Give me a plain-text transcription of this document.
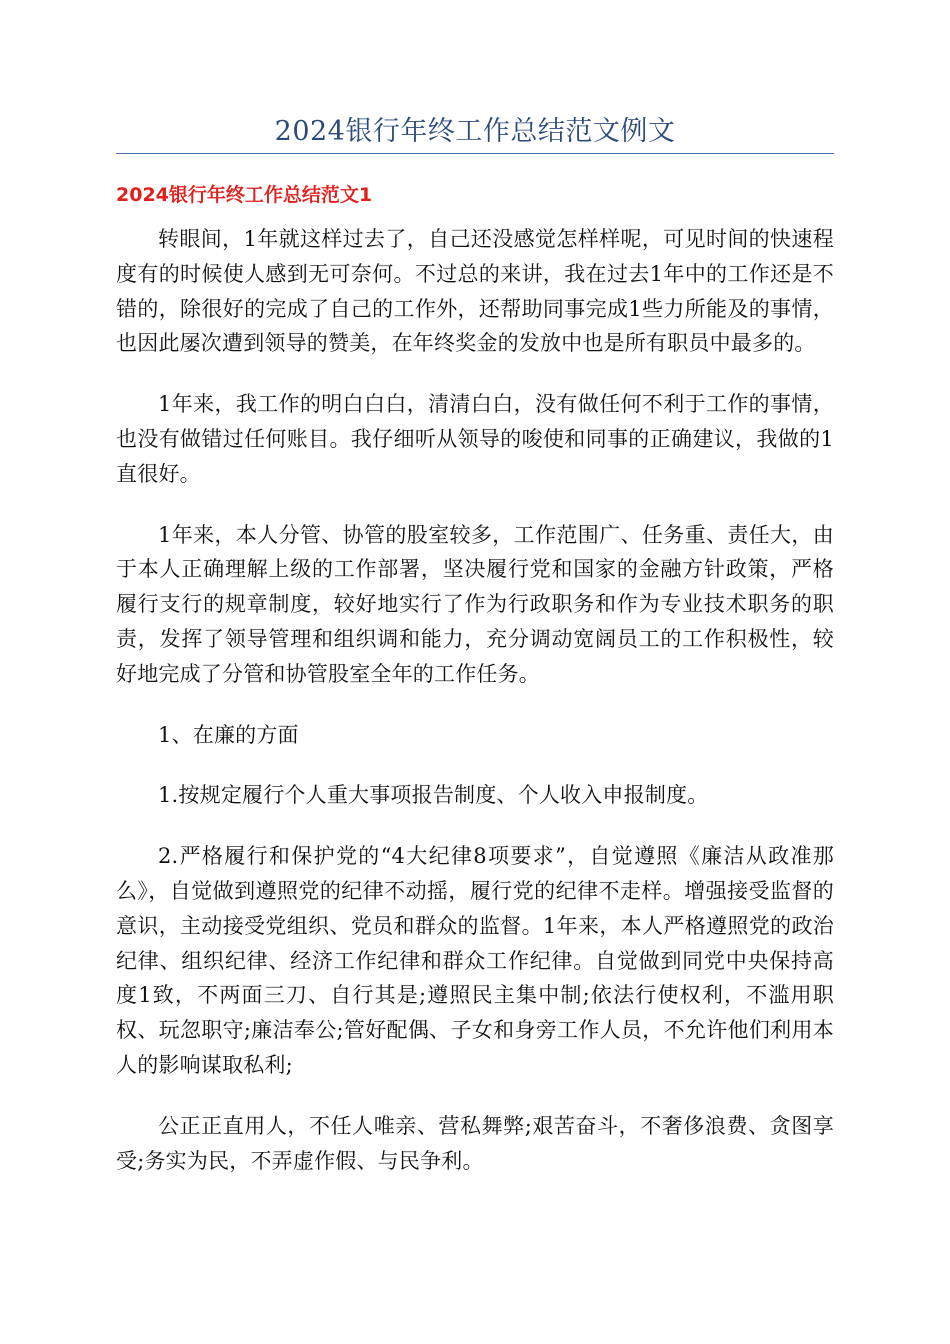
2024银行年终工作总结范文例文
2024银行年终工作总结范文1

转眼间，1年就这样过去了，自己还没感觉怎样样呢，可见时间的快速程度有的时候使人感到无可奈何。不过总的来讲，我在过去1年中的工作还是不错的，除很好的完成了自己的工作外，还帮助同事完成1些力所能及的事情，也因此屡次遭到领导的赞美，在年终奖金的发放中也是所有职员中最多的。

1年来，我工作的明白白白，清清白白，没有做任何不利于工作的事情，也没有做错过任何账目。我仔细听从领导的唆使和同事的正确建议，我做的1直很好。

1年来，本人分管、协管的股室较多，工作范围广、任务重、责任大，由于本人正确理解上级的工作部署，坚决履行党和国家的金融方针政策，严格履行支行的规章制度，较好地实行了作为行政职务和作为专业技术职务的职责，发挥了领导管理和组织调和能力，充分调动宽阔员工的工作积极性，较好地完成了分管和协管股室全年的工作任务。

1、在廉的方面

1.按规定履行个人重大事项报告制度、个人收入申报制度。

2.严格履行和保护党的“4大纪律8项要求”，自觉遵照《廉洁从政准那么》，自觉做到遵照党的纪律不动摇，履行党的纪律不走样。增强接受监督的意识，主动接受党组织、党员和群众的监督。1年来，本人严格遵照党的政治纪律、组织纪律、经济工作纪律和群众工作纪律。自觉做到同党中央保持高度1致，不两面三刀、自行其是;遵照民主集中制;依法行使权利，不滥用职权、玩忽职守;廉洁奉公;管好配偶、子女和身旁工作人员，不允许他们利用本人的影响谋取私利;

公正正直用人，不任人唯亲、营私舞弊;艰苦奋斗，不奢侈浪费、贪图享受;务实为民，不弄虚作假、与民争利。
